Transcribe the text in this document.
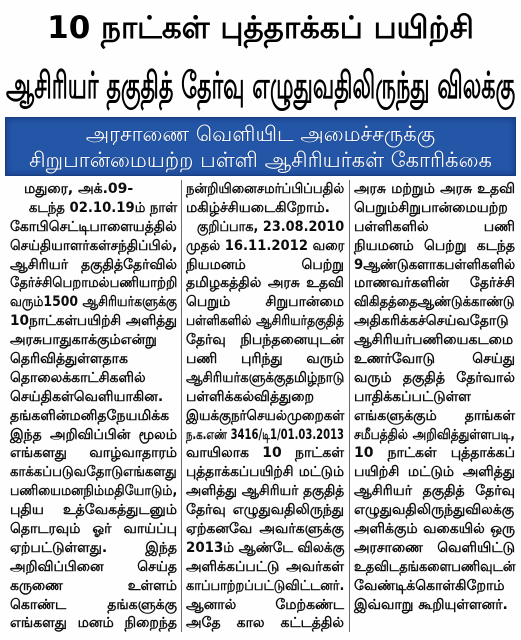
10 நாட்கள் புத்தாக்கப் பயிற்சி
ஆசிரியர் தகுதித் தேர்வு எழுதுவதிலிருந்து விலக்கு
அரசாணை வெளியிட அமைச்சருக்கு
சிறுபான்மையற்ற பள்ளி ஆசிரியர்கள் கோரிக்கை
மதுரை, அக்.09-
கடந்த 02.10.19ம் நாள்
கோபிசெட்டிபாளையத்தில்
செய்தியாளர்கள்சந்திப்பில்,
ஆசிரியர் தகுதித்தேர்வில்
தேர்ச்சிபெறாமல்பணியாற்றி
வரும்1500 ஆசிரியர்களுக்கு
10நாட்கள்பயிற்சி அளித்து
அரசுபாதுகாக்கும்என்று
தெரிவித்துள்ளதாக
தொலைக்காட்சிகளில்
செய்திகள்வெளியாகின.
தங்களின்மனிதநேயமிக்க
இந்த அறிவிப்பின் மூலம்
எங்களது வாழ்வாதாரம்
காக்கப்படுவதோடுஎங்களது
பணியைமனநிம்மதியோடும்,
புதிய உத்வேகத்துடனும்
தொடரவும் ஓர் வாய்ப்பு
ஏற்பட்டுள்ளது. இந்த
அறிவிப்பினை செய்த
கருணை உள்ளம்
கொண்ட தங்களுக்கு
எங்களது மனம் நிறைந்த
நன்றியினைசமர்ப்பிப்பதில்
மகிழ்ச்சியடைகிறோம்.
குறிப்பாக, 23.08.2010
முதல் 16.11.2012 வரை
நியமனம் பெற்று
தமிழகத்தில் அரசு உதவி
பெறும் சிறுபான்மை
பள்ளிகளில் ஆசிரியர்தகுதித்
தேர்வு நிபந்தனையுடன்
பணி புரிந்து வரும்
ஆசிரியர்களுக்குதமிழ்நாடு
பள்ளிக்கல்வித்துறை
இயக்குநர்செயல்முறைகள்
ந.க.எண் 3416/டி1/01.03.2013
வாயிலாக 10 நாட்கள்
புத்தாக்கப்பயிற்சி மட்டும்
அளித்து ஆசிரியர் தகுதித்
தேர்வு எழுதுவதிலிருந்து
ஏற்கனவே அவர்களுக்கு
2013ம் ஆண்டே விலக்கு
அளிக்கப்பட்டு அவர்கள்
காப்பாற்றப்பட்டுவிட்டனர்.
ஆனால் மேற்கண்ட
அதே கால கட்டத்தில்
அரசு மற்றும் அரசு உதவி
பெறும்சிறுபான்மையற்ற
பள்ளிகளில் பணி
நியமனம் பெற்று கடந்த
9ஆண்டுகளாகபள்ளிகளில்
மாணவர்களின் தேர்ச்சி
விகிதத்தைஆண்டுக்காண்டு
அதிகரிக்கச்செய்வதோடு
ஆசிரியர்பணியைகடமை
உணர்வோடு செய்து
வரும் தகுதித் தேர்வால்
பாதிக்கப்பட்டுள்ள
எங்களுக்கும் தாங்கள்
சமீபத்தில் அறிவித்துள்ளபடி,
10 நாட்கள் புத்தாக்கப்
பயிற்சி மட்டும் அளித்து
ஆசிரியர் தகுதித் தேர்வு
எழுதுவதிலிருந்துவிலக்கு
அளிக்கும் வகையில் ஒரு
அரசாணை வெளியிட்டு
உதவிடதங்களைபணிவுடன்
வேண்டிக்கொள்கிறோம்
இவ்வாறு கூறியுள்ளனர்.
